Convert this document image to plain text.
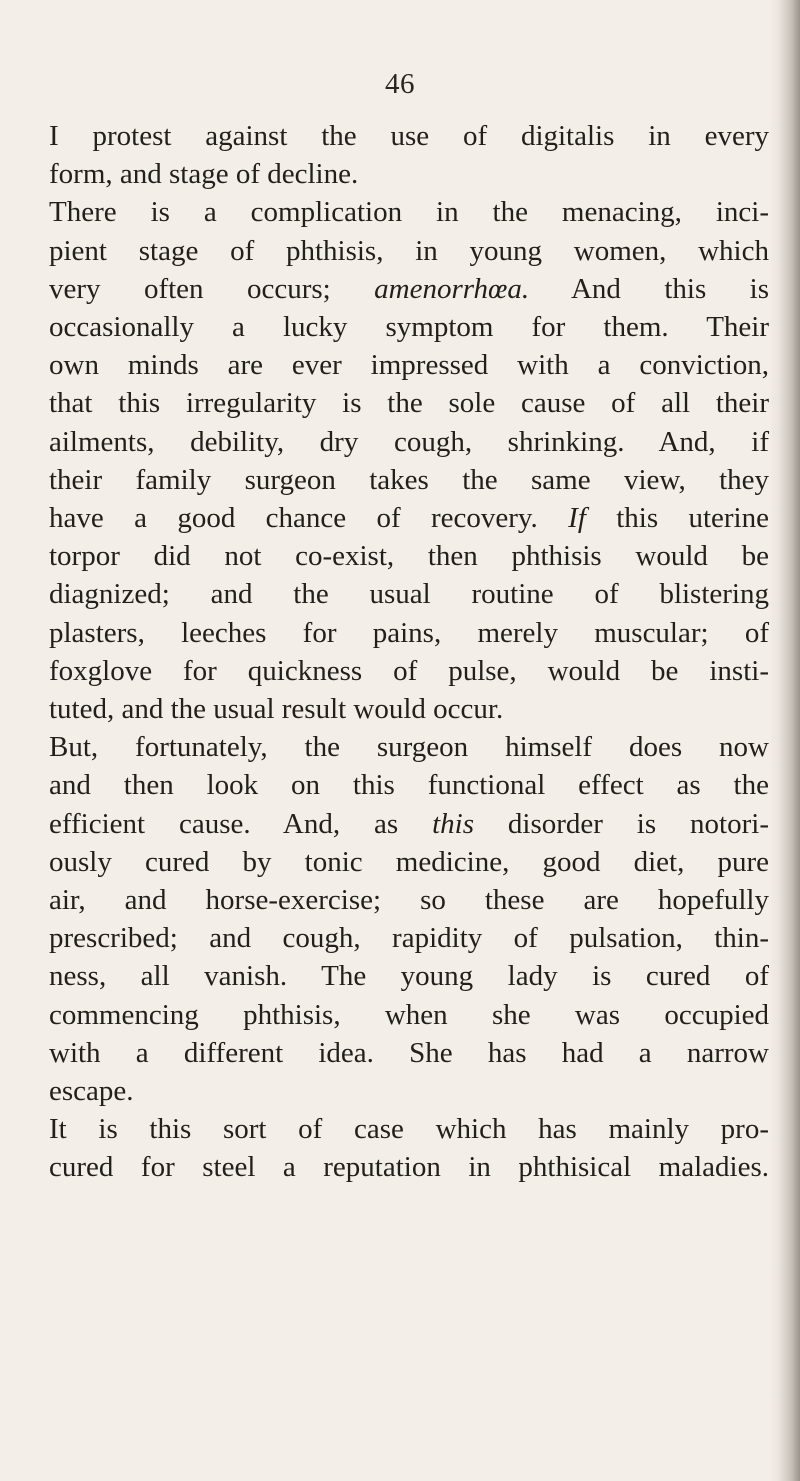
46
I protest against the use of digitalis in every
form, and stage of decline.
There is a complication in the menacing, inci-
pient stage of phthisis, in young women, which
very often occurs; amenorrhœa. And this is
occasionally a lucky symptom for them. Their
own minds are ever impressed with a conviction,
that this irregularity is the sole cause of all their
ailments, debility, dry cough, shrinking. And, if
their family surgeon takes the same view, they
have a good chance of recovery. If this uterine
torpor did not co-exist, then phthisis would be
diagnized; and the usual routine of blistering
plasters, leeches for pains, merely muscular; of
foxglove for quickness of pulse, would be insti-
tuted, and the usual result would occur.
But, fortunately, the surgeon himself does now
and then look on this functional effect as the
efficient cause. And, as this disorder is notori-
ously cured by tonic medicine, good diet, pure
air, and horse-exercise; so these are hopefully
prescribed; and cough, rapidity of pulsation, thin-
ness, all vanish. The young lady is cured of
commencing phthisis, when she was occupied
with a different idea. She has had a narrow
escape.
It is this sort of case which has mainly pro-
cured for steel a reputation in phthisical maladies.
